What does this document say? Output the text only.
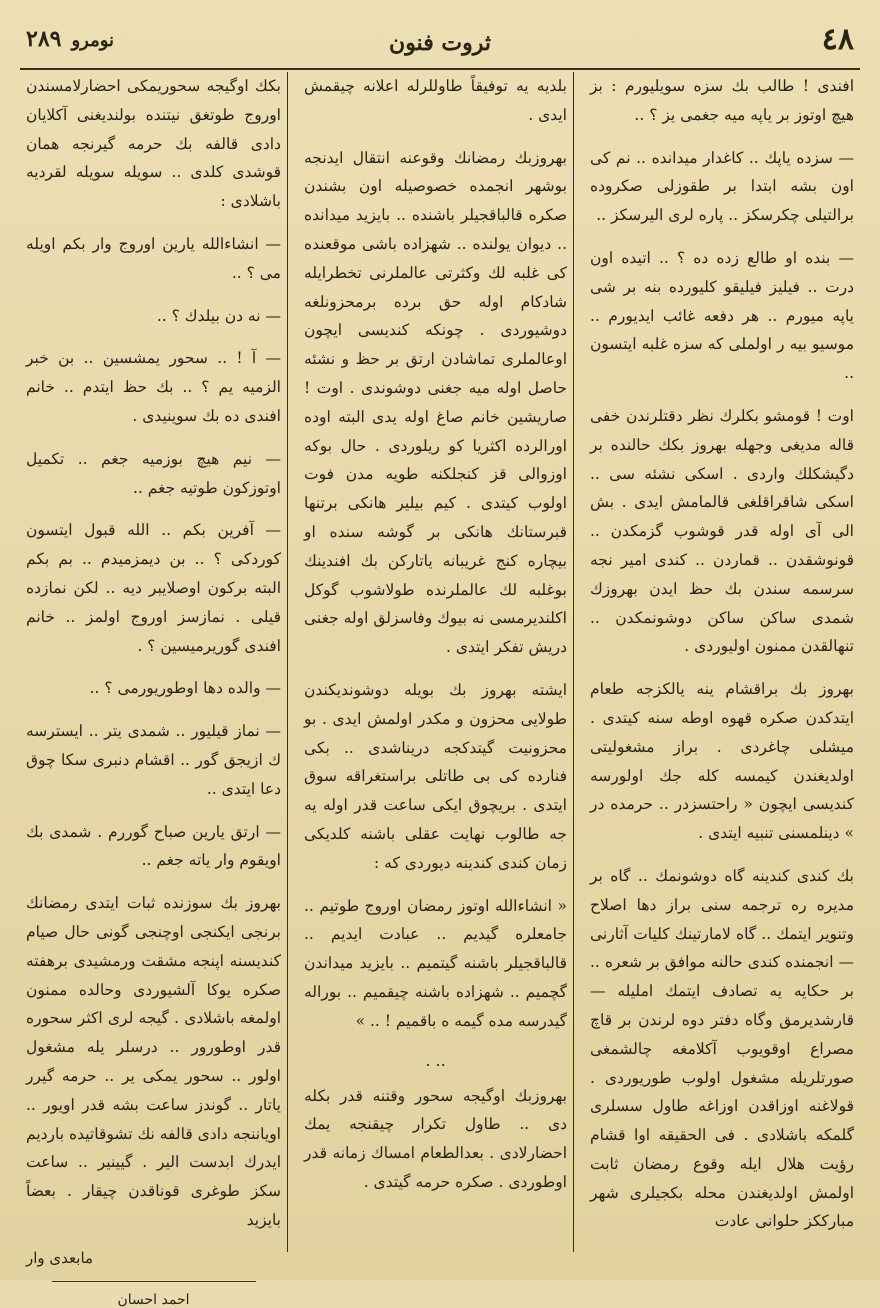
٤٨
ثروت فنون
نومرو٢٨٩

افندی ! طالب بك سزه سویلیورم : بز هیچ اوتوز بر یاپه میه جغمی یز ؟ ..

— سزده یاپك .. كاغدار میدانده .. نم كی اون بشه ابتدا بر طقوزلی صكروده برالتیلی چكرسكز .. پاره لری الیرسكز ..

— بنده او طالع زده ده ؟ .. اتیده اون درت .. فیلیز فیلیقو كلیورده بنه بر شی یاپه میورم .. هر دفعه غائب ایدیورم .. موسیو بیه ر اولملی كه سزه غلبه ایتسون ..

اوت ! قومشو بكلرك نظر دقتلرندن خفی قاله مدیغی وجهله بهروز بكك حالنده بر دگیشكلك واردی . اسكی نشئه سی .. اسكی شاقراقلغی قالمامش ایدی . بش الی آی اوله قدر قوشوب گزمكدن .. قونوشقدن .. قماردن .. كندی امیر نجه سرسمه سندن بك حظ ایدن بهروزك شمدی ساكن ساكن دوشونمكدن .. تنهالقدن ممنون اولیوردی .

بهروز بك براقشام ینه یالكزجه طعام ایتدكدن صكره قهوه اوطه سنه كیتدی . میشلی چاغردی . براز مشغولیتی اولدیغندن كیمسه كله جك اولورسه كندیسی ایچون « راحتسزدر .. حرمده در » دینلمسنی تنبیه ایتدی .

بك كندی كندینه گاه دوشونمك .. گاه بر مدیره ره ترجمه سنی براز دها اصلاح وتنویر ایتمك .. گاه لامارتینك كلیات آثارنی — انجمنده كندی حالنه موافق بر شعره .. بر حكایه یه تصادف ایتمك املیله — قارشدیرمق وگاه دفتر دوه لرندن بر قاچ مصراع اوقویوب آكلامغه چالشمغی صورتلریله مشغول اولوب طوریوردی . قولاغنه اوزاقدن اوزاغه طاول سسلری گلمكه باشلادی . فی الحقیقه اوا قشام رؤیت هلال ایله وقوع رمضان ثابت اولمش اولدیغندن محله بكجیلری شهر مبارككز حلوانی عادت

بلدیه یه توفیقاً طاوللرله اعلانه چیقمش ایدی .

بهروزبك رمضانك وقوعنه انتقال ایدنجه بوشهر انجمده خصوصیله اون بشندن صكره قالباقجیلر باشنده .. بایزید میدانده .. دیوان یولنده .. شهزاده باشی موقعنده كی غلبه لك وكثرتی عالملرنی تخطرایله شادكام اوله حق برده برمحزونلغه دوشیوردی . چونكه كندیسی ایچون اوعالملری تماشادن ارتق بر حظ و نشئه حاصل اوله میه جغنی دوشوندی . اوت ! صاریشین خانم صاغ اوله یدی البته اوده اورالرده اكثریا كو ریلوردی . حال بوكه اوزوالی قز كنجلكنه طویه مدن فوت اولوب كیتدی . كیم بیلیر هانكی برتنها قبرستانك هانكی بر گوشه سنده او بیچاره كنج غریبانه یاتاركن بك افندینك بوغلبه لك عالملرنده طولاشوب گوكل اكلندیرمسی نه بیوك وفاسزلق اوله جغنی دریش تفكر ایتدی .

ایشته بهروز بك بویله دوشوندیكندن طولایی محزون و مكدر اولمش ایدی . بو محزونیت گیتدكجه دریناشدی .. بكی فنارده كی بی طاتلی براستغراقه سوق ایتدی . بریچوق ایكی ساعت قدر اوله یه جه طالوب نهایت عقلی باشنه كلدیكی زمان كندی كندینه دیوردی كه :

« انشاءالله اوتوز رمضان اوروج طوتیم .. جامعلره گیدیم .. عبادت ایدیم .. قالباقجیلر باشنه گیتمیم .. بایزید میداندن گچمیم .. شهزاده باشنه چیقمیم .. بوراله گیدرسه مده گیمه ه باقمیم ! .. »

.. .

بهروزبك اوگیجه سحور وقتنه قدر بكله دی .. طاول تكرار چیقنجه یمك احضارلادی . بعدالطعام امساك زمانه قدر اوطوردی . صكره حرمه گیتدی .

بكك اوگیجه سحوریمكی احضارلامسندن اوروج طوتغق نیتنده بولندیغنی آكلایان دادی قالفه بك حرمه گیرنجه همان قوشدی كلدی .. سویله سویله لقردیه باشلادی :

— انشاءالله یارین اوروج وار بكم اویله می ؟ ..

— نه دن بیلدك ؟ ..

— آ ! .. سحور یمشسین .. بن خبر الزمیه یم ؟ .. بك حظ ایتدم .. خانم افندی ده بك سوینیدی .

— نیم هیچ بوزمیه جغم .. تكمیل اوتوزكون طوتیه جغم ..

— آفرین بكم .. الله قبول ایتسون كوردكی ؟ .. بن دیمزمیدم .. بم بكم البته بركون اوصلایبر دیه .. لكن نمازده قیلی . نمازسز اوروج اولمز .. خانم افندی گوریرمیسین ؟ .

— والده دها اوطوریورمی ؟ ..

— نماز قیلیور .. شمدی یتر .. ایسترسه ك ازیجق گور .. اقشام دنبری سكا چوق دعا ایتدی ..

— ارتق یارین صباح گوررم . شمدی بك اویقوم وار یاته جغم ..

بهروز بك سوزنده ثبات ایتدی رمضانك برنجی ایكنجی اوچنجی گونی حال صیام كندیسنه اپنجه مشقت ورمشیدی برهفته صكره یوكا آلشیوردی وحالده ممنون اولمغه باشلادی . گیجه لری اكثر سحوره قدر اوطورور .. درسلر یله مشغول اولور .. سحور یمكی یر .. حرمه گیرر یاتار .. گوندز ساعت بشه قدر اویور .. اویاننجه دادی قالفه نك تشوقاتیده باردیم ایدرك ابدست الیر . گیینیر .. ساعت سكز طوغری قوناقدن چیقار . بعضاً بایزید

مابعدی وار
احمد احسان
